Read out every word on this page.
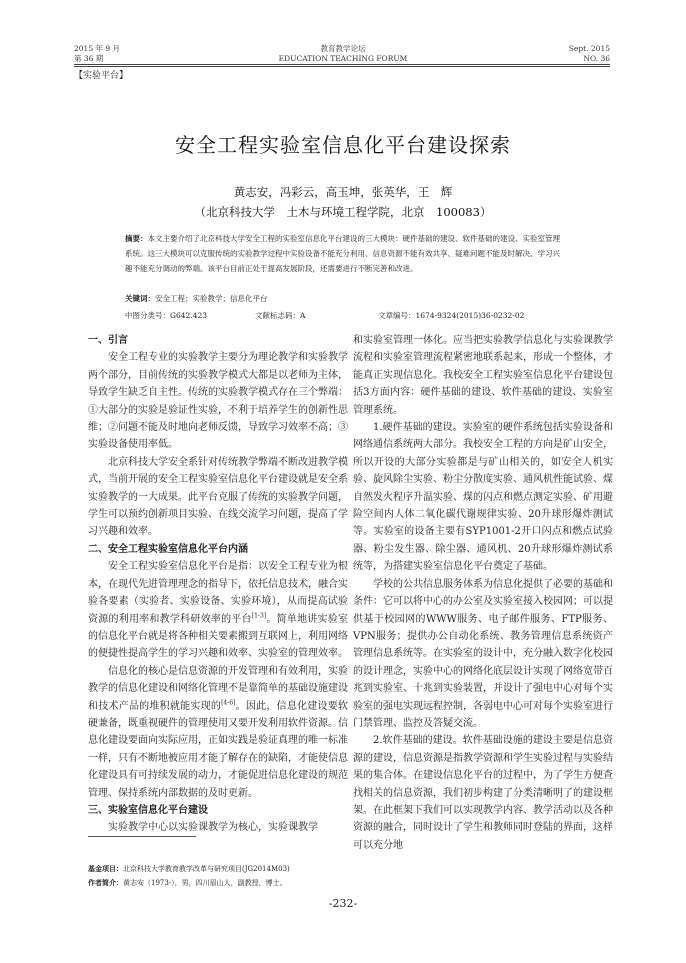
2015 年 9 月
第 36 期
教育教学论坛
EDUCATION TEACHING FORUM
Sept. 2015
NO. 36
【实验平台】
安全工程实验室信息化平台建设探索
黄志安，冯彩云，高玉坤，张英华，王　辉
（北京科技大学　土木与环境工程学院，北京　100083）
摘要：本文主要介绍了北京科技大学安全工程的实验室信息化平台建设的三大模块：硬件基础的建设、软件基础的建设、实验室管理系统。这三大模块可以克服传统的实验教学过程中实验设备不能充分利用、信息资源不能有效共享、疑难问题不能及时解决、学习兴趣不能充分调动的弊端。该平台目前正处于提高发展阶段，还需要进行不断完善和改进。
关键词：安全工程；实验教学；信息化平台
中图分类号：G642.423	文献标志码：A	文章编号：1674-9324(2015)36-0232-02
一、引言

安全工程专业的实验教学主要分为理论教学和实验教学两个部分，目前传统的实验教学模式大都是以老师为主体，导致学生缺乏自主性。传统的实验教学模式存在三个弊端：①大部分的实验是验证性实验，不利于培养学生的创新性思维；②问题不能及时地向老师反馈，导致学习效率不高；③实验设备使用率低。

北京科技大学安全系针对传统教学弊端不断改进教学模式，当前开展的安全工程实验室信息化平台建设就是安全系实验教学的一大成果。此平台克服了传统的实验教学问题，学生可以预约创新项目实验、在线交流学习问题，提高了学习兴趣和效率。

二、安全工程实验室信息化平台内涵

安全工程实验室信息化平台是指：以安全工程专业为根本，在现代先进管理理念的指导下，依托信息技术，融合实验各要素（实验者、实验设备、实验环境），从而提高试验资源的利用率和教学科研效率的平台[1-3]。简单地讲实验室的信息化平台就是将各种相关要素搬到互联网上，利用网络的便捷性提高学生的学习兴趣和效率、实验室的管理效率。

信息化的核心是信息资源的开发管理和有效利用，实验教学的信息化建设和网络化管理不是靠简单的基础设施建设和技术产品的堆积就能实现的[4-6]。因此，信息化建设要软硬兼备，既重视硬件的管理使用又要开发利用软件资源。信息化建设要面向实际应用，正如实践是验证真理的唯一标准一样，只有不断地被应用才能了解存在的缺陷，才能使信息化建设具有可持续发展的动力，才能促进信息化建设的规范管理、保持系统内部数据的及时更新。

三、实验室信息化平台建设

实验教学中心以实验课教学为核心，实验课教学

和实验室管理一体化。应当把实验教学信息化与实验课教学流程和实验室管理流程紧密地联系起来，形成一个整体，才能真正实现信息化。我校安全工程实验室信息化平台建设包括3方面内容：硬件基础的建设、软件基础的建设、实验室管理系统。

1.硬件基础的建设。实验室的硬件系统包括实验设备和网络通信系统两大部分。我校安全工程的方向是矿山安全，所以开设的大部分实验都是与矿山相关的，如安全人机实验、旋风除尘实验、粉尘分散度实验、通风机性能试验、煤自然发火程序升温实验、煤的闪点和燃点测定实验、矿用避险空间内人体二氧化碳代谢规律实验、20升球形爆炸测试等。实验室的设备主要有SYP1001-2开口闪点和燃点试验器、粉尘发生器、除尘器、通风机、20升球形爆炸测试系统等，为搭建实验室信息化平台奠定了基础。

学校的公共信息服务体系为信息化提供了必要的基础和条件：它可以将中心的办公室及实验室接入校园网；可以提供基于校园网的WWW服务、电子邮件服务、FTP服务、VPN服务；提供办公自动化系统、教务管理信息系统资产管理信息系统等。在实验室的设计中，充分融入数字化校园的设计理念，实验中心的网络化底层设计实现了网络宽带百兆到实验室、十兆到实验装置，并设计了强电中心对每个实验室的强电实现远程控制，各弱电中心可对每个实验室进行门禁管理、监控及答疑交流。

2.软件基础的建设。软件基础设施的建设主要是信息资源的建设，信息资源是指教学资源和学生实验过程与实验结果的集合体。在建设信息化平台的过程中，为了学生方便查找相关的信息资源，我们初步构建了分类清晰明了的建设框架。在此框架下我们可以实现教学内容、教学活动以及各种资源的融合，同时设计了学生和教师同时登陆的界面，这样可以充分地

基金项目：北京科技大学教育教学改革与研究项目(JG2014M03)
作者简介：黄志安（1973-），男，四川眉山人，副教授，博士。
-232-
